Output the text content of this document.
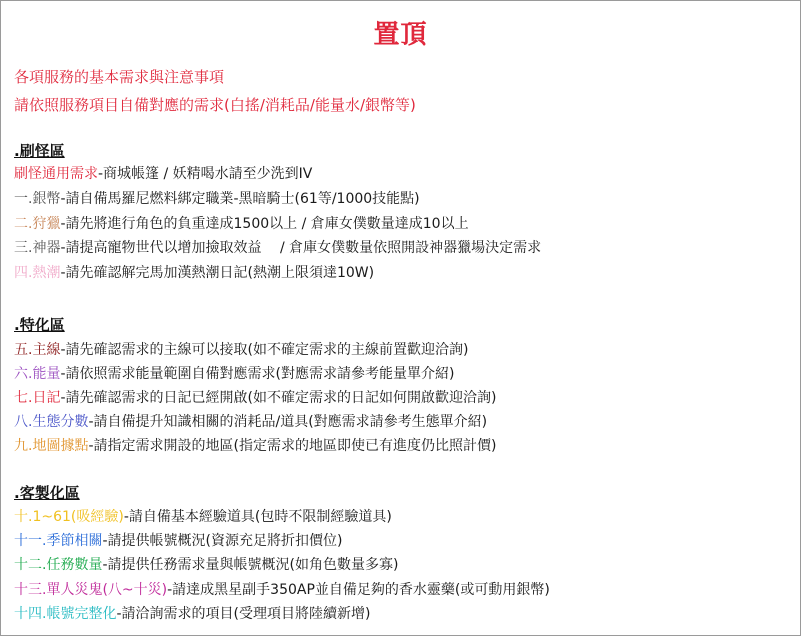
置頂
各項服務的基本需求與注意事項
請依照服務項目自備對應的需求(白搖/消耗品/能量水/銀幣等)
.刷怪區
刷怪通用需求-商城帳篷 / 妖精喝水請至少洗到IV
一.銀幣-請自備馬羅尼燃料綁定職業-黑暗騎士(61等/1000技能點)
二.狩獵-請先將進行角色的負重達成1500以上 / 倉庫女僕數量達成10以上
三.神器-請提高寵物世代以增加撿取效益　 / 倉庫女僕數量依照開設神器獵場決定需求
四.熱潮-請先確認解完馬加漢熱潮日記(熱潮上限須達10W)
.特化區
五.主線-請先確認需求的主線可以接取(如不確定需求的主線前置歡迎洽詢)
六.能量-請依照需求能量範圍自備對應需求(對應需求請參考能量單介紹)
七.日記-請先確認需求的日記已經開啟(如不確定需求的日記如何開啟歡迎洽詢)
八.生態分數-請自備提升知識相關的消耗品/道具(對應需求請參考生態單介紹)
九.地圖據點-請指定需求開設的地區(指定需求的地區即使已有進度仍比照計價)
.客製化區
十.1~61(吸經驗)-請自備基本經驗道具(包時不限制經驗道具)
十一.季節相關-請提供帳號概況(資源充足將折扣價位)
十二.任務數量-請提供任務需求量與帳號概況(如角色數量多寡)
十三.單人災鬼(八~十災)-請達成黑星副手350AP並自備足夠的香水靈藥(或可動用銀幣)
十四.帳號完整化-請洽詢需求的項目(受理項目將陸續新增)
